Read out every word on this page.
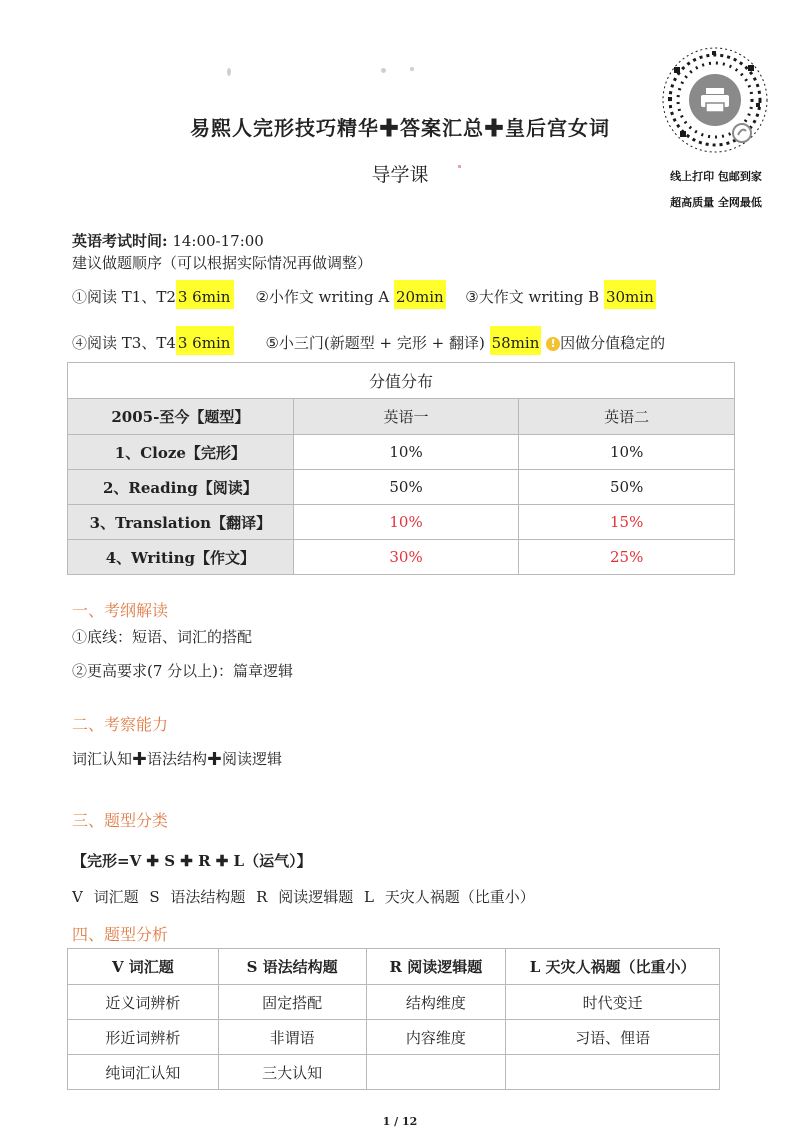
易熙人完形技巧精华✚答案汇总✚皇后宫女词
导学课	线上打印 包邮到家
超高质量 全网最低
英语考试时间: 14:00-17:00
建议做题顺序（可以根据实际情况再做调整）
①阅读 T1、T2 3 6min ②小作文 writing A 20min ③大作文 writing B 30min
④阅读 T3、T4 3 6min ⑤小三门(新题型 + 完形 + 翻译) 58min ! 因做分值稳定的
分值分布		
2005-至今【题型】	英语一	英语二
1、Cloze【完形】	10%	10%
2、Reading【阅读】	50%	50%
3、Translation【翻译】	10%	15%
4、Writing【作文】	30%	25%
一、考纲解读
①底线：短语、词汇的搭配
②更高要求(7 分以上)：篇章逻辑
二、考察能力
词汇认知✚语法结构✚阅读逻辑
三、题型分类
【完形=V ✚ S ✚ R ✚ L（运气）】
V 词汇题 S 语法结构题 R 阅读逻辑题 L 天灾人祸题（比重小）
四、题型分析
V 词汇题	S 语法结构题	R 阅读逻辑题	L 天灾人祸题（比重小）
近义词辨析	固定搭配	结构维度	时代变迁
形近词辨析	非谓语	内容维度	习语、俚语
纯词汇认知	三大认知		
1 / 12
